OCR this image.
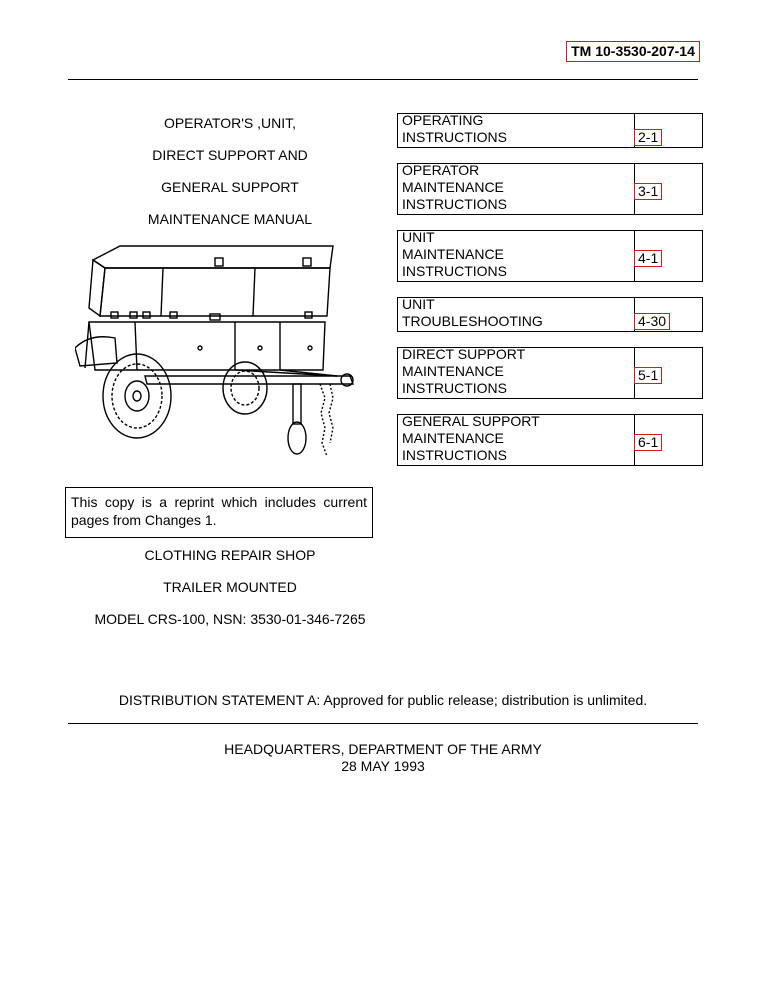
TM 10-3530-207-14
OPERATOR'S ,UNIT,
DIRECT SUPPORT AND
GENERAL SUPPORT
MAINTENANCE MANUAL
OPERATING
INSTRUCTIONS	2-1
OPERATOR
MAINTENANCE
INSTRUCTIONS
3-1
UNIT
MAINTENANCE
INSTRUCTIONS
4-1
UNIT
TROUBLESHOOTING	4-30
DIRECT SUPPORT
MAINTENANCE
INSTRUCTIONS
5-1
GENERAL SUPPORT
MAINTENANCE
INSTRUCTIONS
6-1
This copy is a reprint which includes current pages from Changes 1.
CLOTHING REPAIR SHOP
TRAILER MOUNTED
MODEL CRS-100, NSN: 3530-01-346-7265
DISTRIBUTION STATEMENT A: Approved for public release; distribution is unlimited.
HEADQUARTERS, DEPARTMENT OF THE ARMY
28 MAY 1993
